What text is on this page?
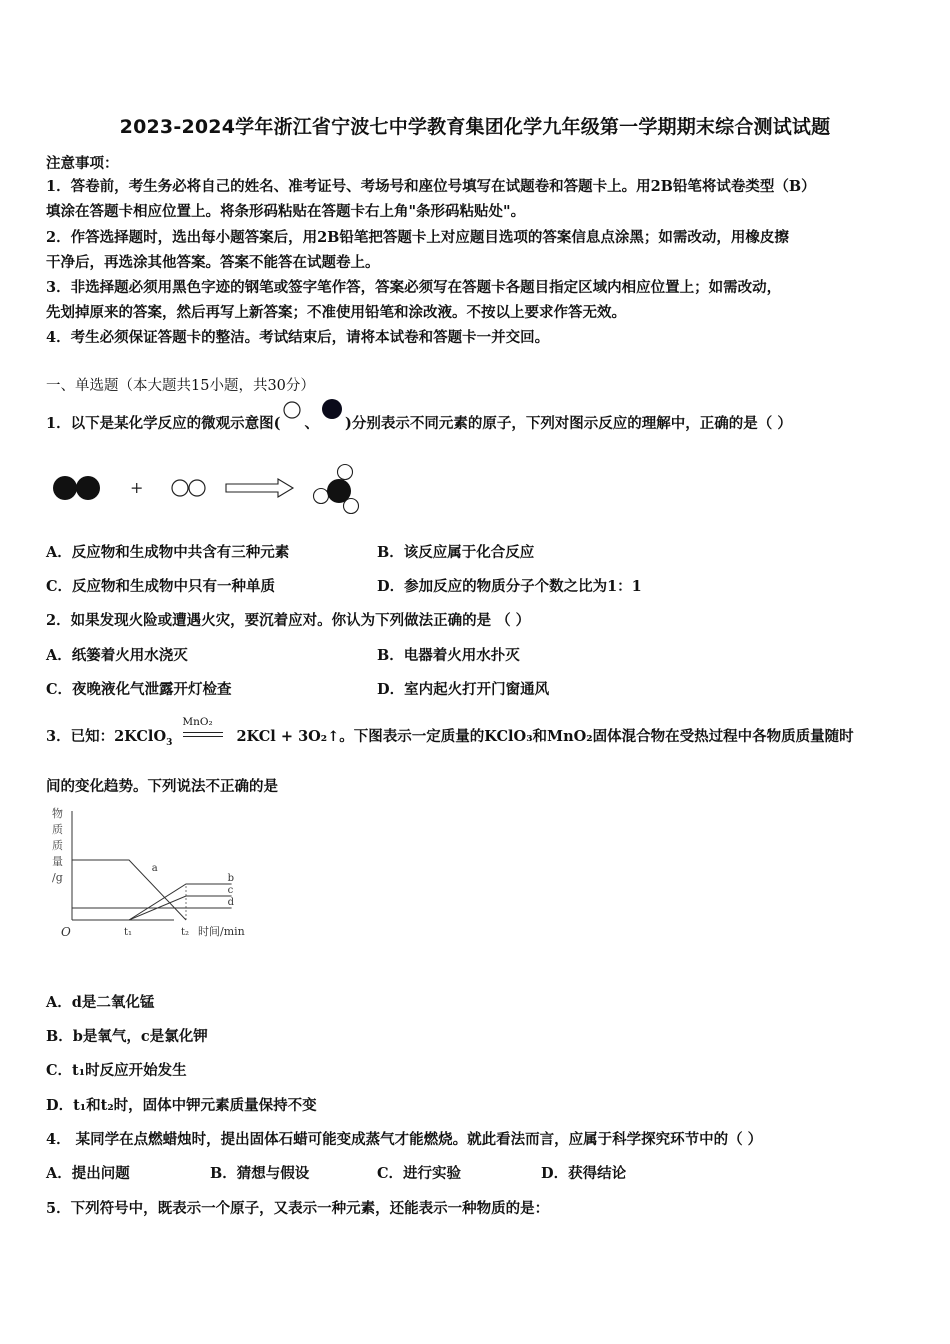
2023-2024学年浙江省宁波七中学教育集团化学九年级第一学期期末综合测试试题
注意事项：
1．答卷前，考生务必将自己的姓名、准考证号、考场号和座位号填写在试题卷和答题卡上。用2B铅笔将试卷类型（B）
填涂在答题卡相应位置上。将条形码粘贴在答题卡右上角"条形码粘贴处"。
2．作答选择题时，选出每小题答案后，用2B铅笔把答题卡上对应题目选项的答案信息点涂黑；如需改动，用橡皮擦
干净后，再选涂其他答案。答案不能答在试题卷上。
3．非选择题必须用黑色字迹的钢笔或签字笔作答，答案必须写在答题卡各题目指定区域内相应位置上；如需改动，
先划掉原来的答案，然后再写上新答案；不准使用铅笔和涂改液。不按以上要求作答无效。
4．考生必须保证答题卡的整洁。考试结束后，请将本试卷和答题卡一并交回。
一、单选题（本大题共15小题，共30分）
1．以下是某化学反应的微观示意图( 、 )分别表示不同元素的原子，下列对图示反应的理解中，正确的是（ ）
+
A．反应物和生成物中共含有三种元素	B．该反应属于化合反应
C．反应物和生成物中只有一种单质	D．参加反应的物质分子个数之比为1：1
2．如果发现火险或遭遇火灾，要沉着应对。你认为下列做法正确的是 （ ）
A．纸篓着火用水浇灭	B．电器着火用水扑灭
C．夜晚液化气泄露开灯检查	D．室内起火打开门窗通风
3．已知：2KClO$_3$
MnO₂
2KCl + 3O₂↑。下图表示一定质量的KClO₃和MnO₂固体混合物在受热过程中各物质质量随时
间的变化趋势。下列说法不正确的是
物
质
质
量
/g
O	t₁	t₂ 时间/min
a
b
c
d
A．d是二氧化锰
B．b是氧气，c是氯化钾
C．t₁时反应开始发生
D．t₁和t₂时，固体中钾元素质量保持不变
4． 某同学在点燃蜡烛时，提出固体石蜡可能变成蒸气才能燃烧。就此看法而言，应属于科学探究环节中的（ ）
A．提出问题	B．猜想与假设	C．进行实验	D．获得结论
5．下列符号中，既表示一个原子，又表示一种元素，还能表示一种物质的是：
